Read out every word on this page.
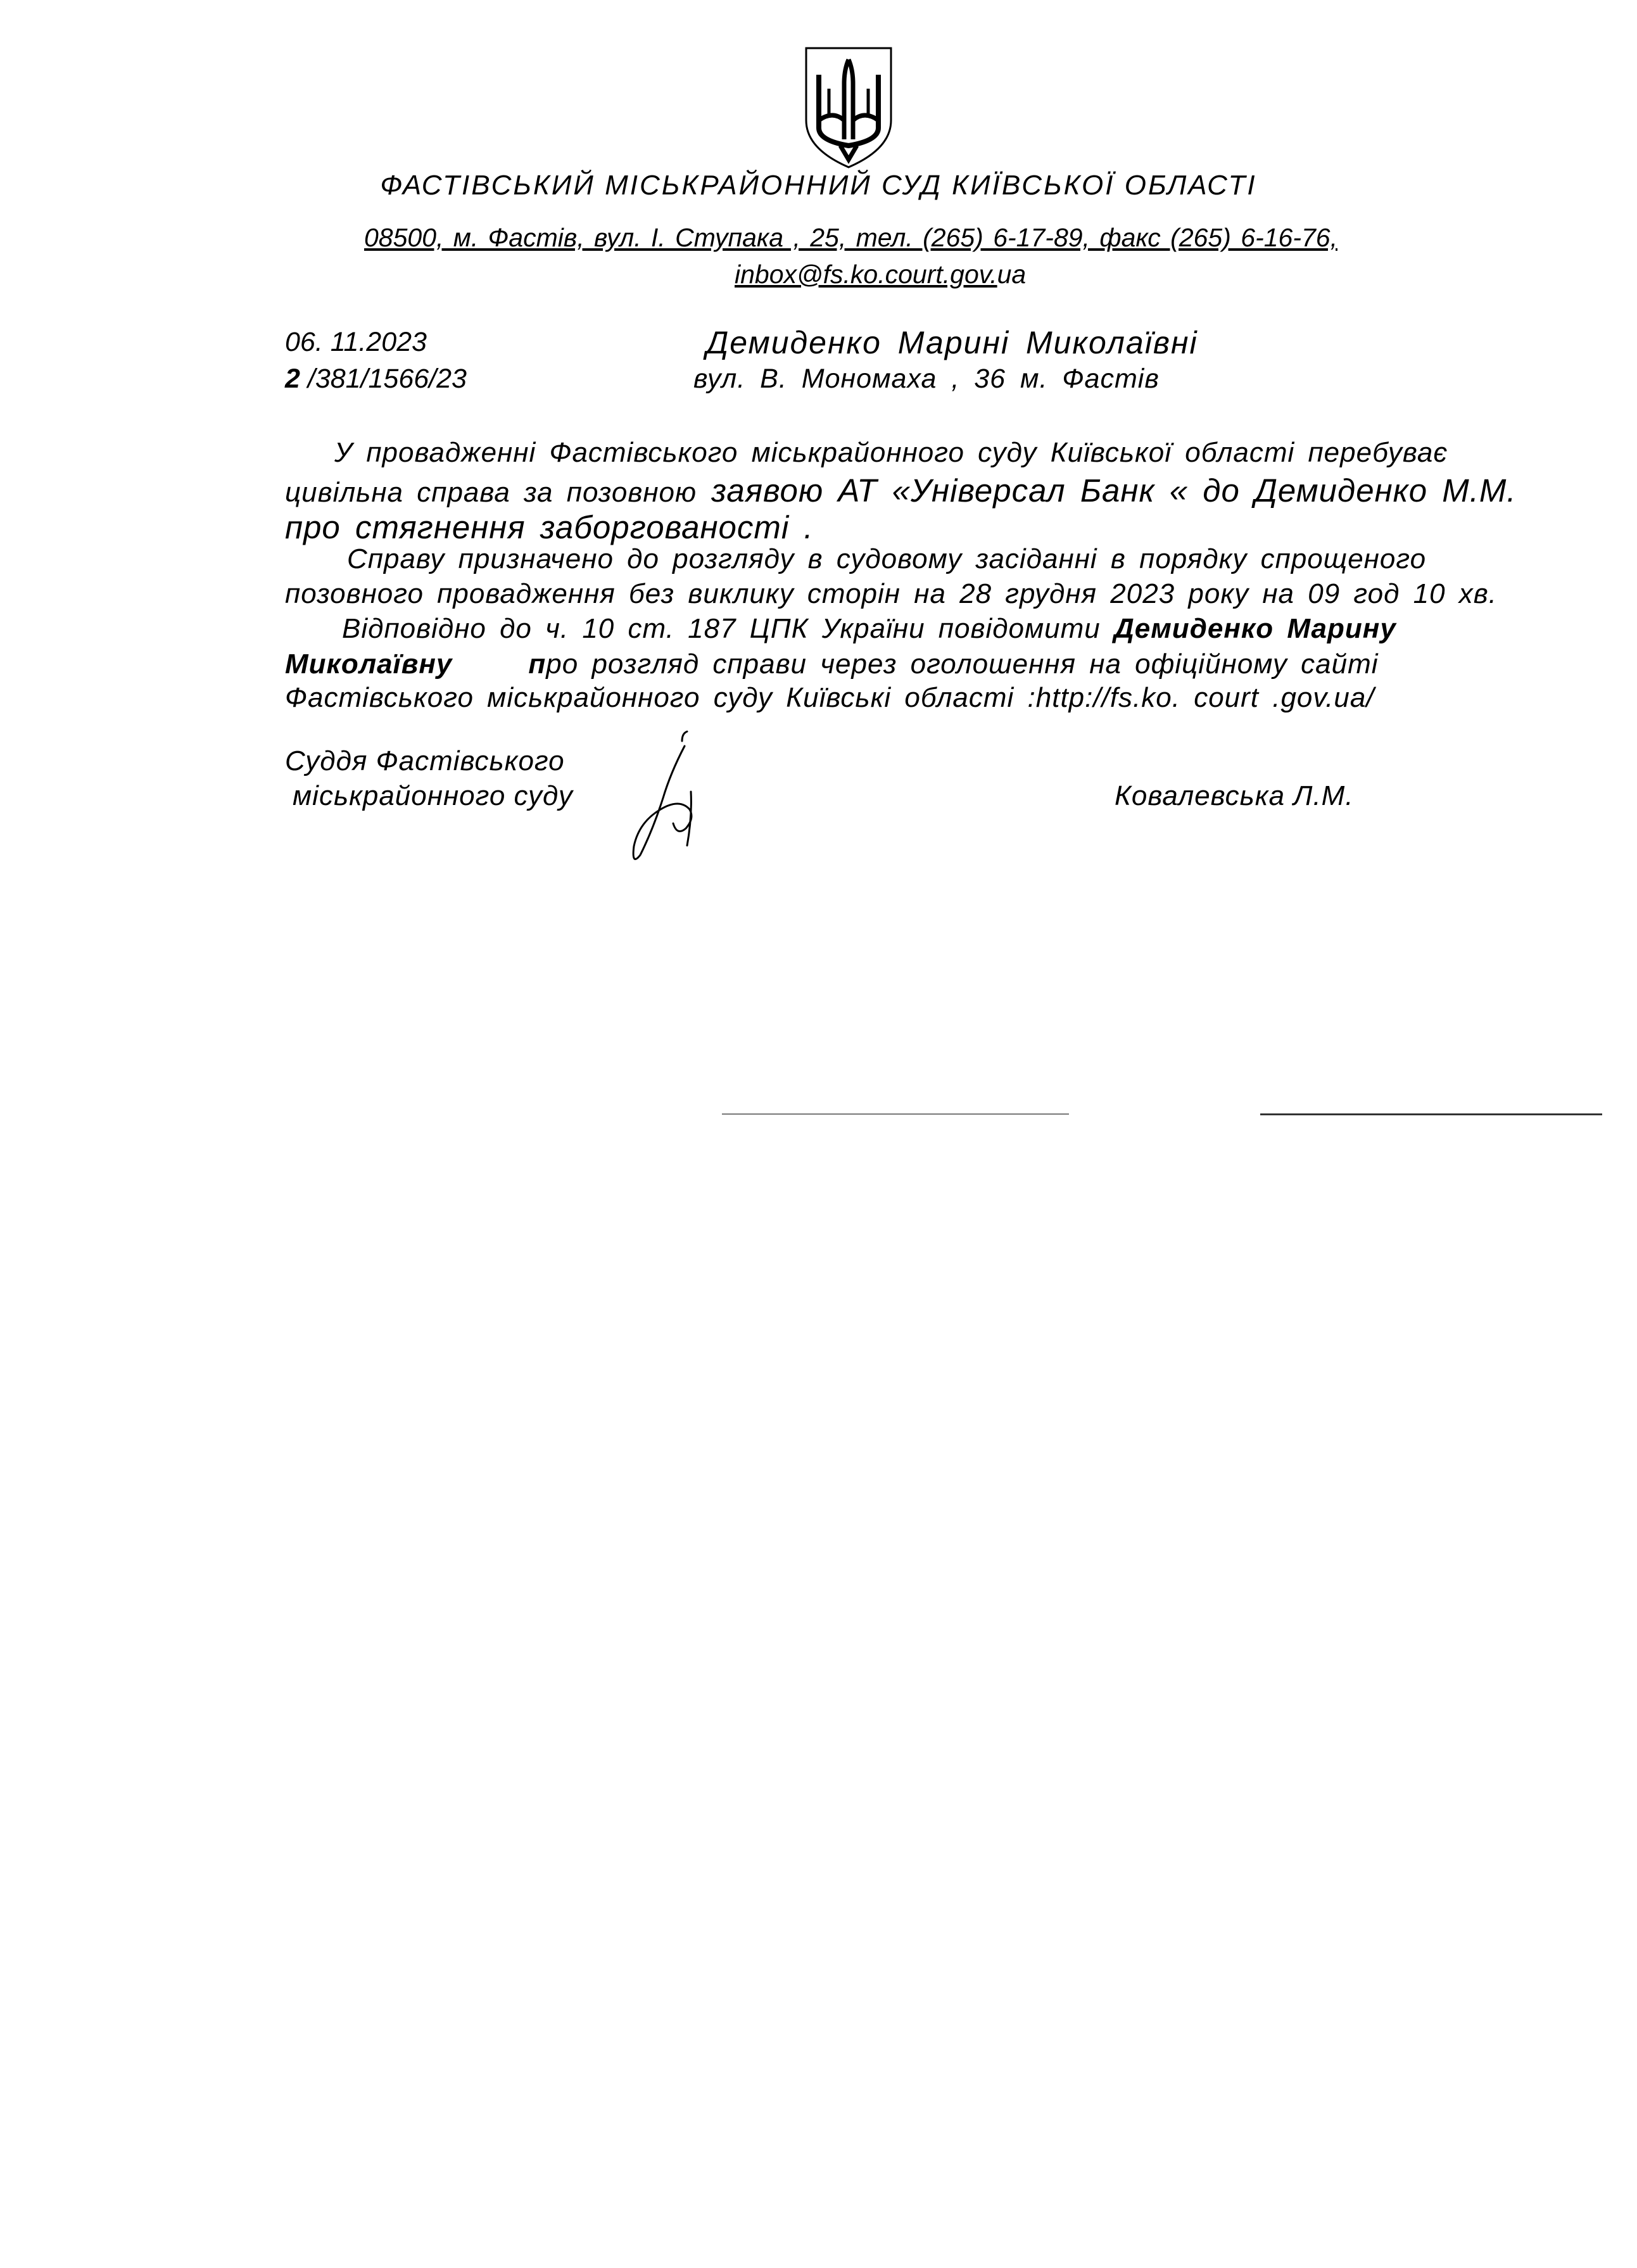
ФАСТІВСЬКИЙ МІСЬКРАЙОННИЙ СУД КИЇВСЬКОЇ ОБЛАСТІ
08500, м. Фастів, вул. І. Ступака , 25, тел. (265) 6-17-89, факс (265) 6-16-76,
inbox@fs.ko.court.gov.ua
06. 11.2023
2 /381/1566/23
Демиденко Марині Миколаївні
вул. В. Мономаха , 36 м. Фастів
У провадженні Фастівського міськрайонного суду Київської області перебуває
цивільна справа за позовною заявою АТ «Універсал Банк « до Демиденко М.М.
про стягнення заборгованості .
Справу призначено до розгляду в судовому засіданні в порядку спрощеного
позовного провадження без виклику сторін на 28 грудня 2023 року на 09 год 10 хв.
Відповідно до ч. 10 ст. 187 ЦПК України повідомити Демиденко Марину
Миколаївну	про розгляд справи через оголошення на офіційному сайті
Фастівського міськрайонного суду Київські області :http://fs.ko. court .gov.ua/
Суддя Фастівського
міськрайонного суду	Ковалевська Л.М.
